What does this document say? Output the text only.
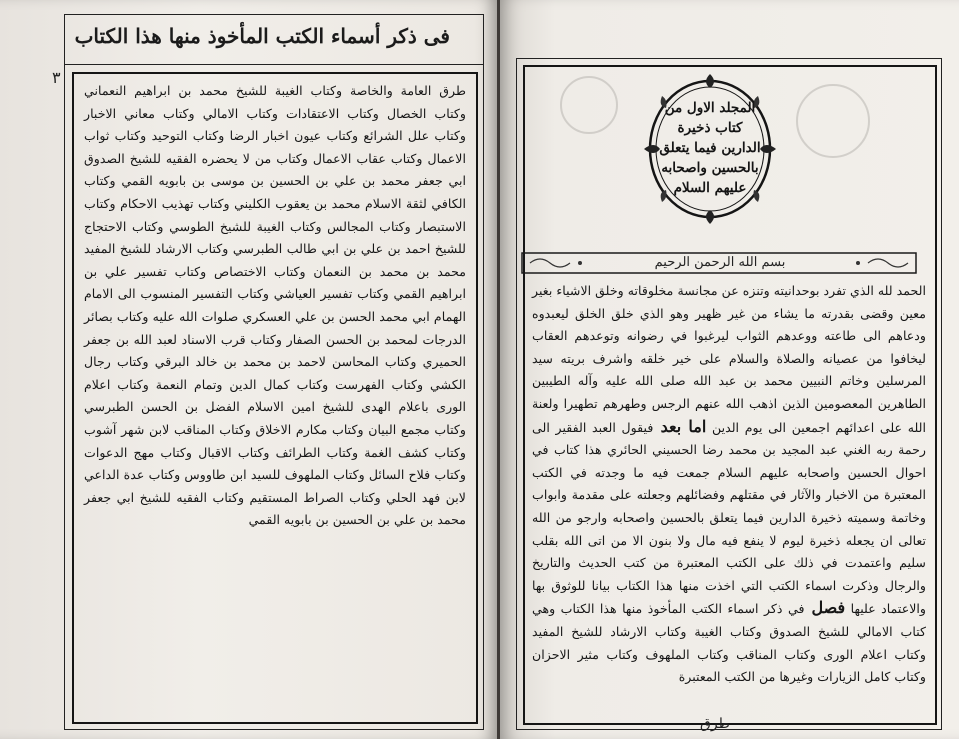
فى ذكر أسماء الكتب المأخوذ منها هذا الكتاب
٣
طرق العامة والخاصة وكتاب الغيبة للشيخ محمد بن ابراهيم النعماني وكتاب الخصال وكتاب الاعتقادات وكتاب الامالي وكتاب معاني الاخبار وكتاب علل الشرائع وكتاب عيون اخبار الرضا وكتاب التوحيد وكتاب ثواب الاعمال وكتاب عقاب الاعمال وكتاب من لا يحضره الفقيه للشيخ الصدوق ابي جعفر محمد بن علي بن الحسين بن موسى بن بابويه القمي وكتاب الكافي لثقة الاسلام محمد بن يعقوب الكليني وكتاب تهذيب الاحكام وكتاب الاستبصار وكتاب المجالس وكتاب الغيبة للشيخ الطوسي وكتاب الاحتجاج للشيخ احمد بن علي بن ابي طالب الطبرسي وكتاب الارشاد للشيخ المفيد محمد بن محمد بن النعمان وكتاب الاختصاص وكتاب تفسير علي بن ابراهيم القمي وكتاب تفسير العياشي وكتاب التفسير المنسوب الى الامام الهمام ابي محمد الحسن بن علي العسكري صلوات الله عليه وكتاب بصائر الدرجات لمحمد بن الحسن الصفار وكتاب قرب الاسناد لعبد الله بن جعفر الحميري وكتاب المحاسن لاحمد بن محمد بن خالد البرقي وكتاب رجال الكشي وكتاب الفهرست وكتاب كمال الدين وتمام النعمة وكتاب اعلام الورى باعلام الهدى للشيخ امين الاسلام الفضل بن الحسن الطبرسي وكتاب مجمع البيان وكتاب مكارم الاخلاق وكتاب المناقب لابن شهر آشوب وكتاب كشف الغمة وكتاب الطرائف وكتاب الاقبال وكتاب مهج الدعوات وكتاب فلاح السائل وكتاب الملهوف للسيد ابن طاووس وكتاب عدة الداعي لابن فهد الحلي وكتاب الصراط المستقيم وكتاب الفقيه للشيخ ابي جعفر محمد بن علي بن الحسين بن بابويه القمي
المجلد الاول من كتاب ذخيرة الدارين فيما يتعلق بالحسين واصحابه عليهم السلام
بسم الله الرحمن الرحيم

الحمد لله الذي تفرد بوحدانيته وتنزه عن مجانسة مخلوقاته وخلق الاشياء بغير معين وقضى بقدرته ما يشاء من غير ظهير وهو الذي خلق الخلق ليعبدوه ودعاهم الى طاعته ووعدهم الثواب ليرغبوا في رضوانه وتوعدهم العقاب ليخافوا من عصيانه والصلاة والسلام على خير خلقه واشرف بريته سيد المرسلين وخاتم النبيين محمد بن عبد الله صلى الله عليه وآله الطيبين الطاهرين المعصومين الذين اذهب الله عنهم الرجس وطهرهم تطهيرا ولعنة الله على اعدائهم اجمعين الى يوم الدين اما بعد فيقول العبد الفقير الى رحمة ربه الغني عبد المجيد بن محمد رضا الحسيني الحائري هذا كتاب في احوال الحسين واصحابه عليهم السلام جمعت فيه ما وجدته في الكتب المعتبرة من الاخبار والآثار في مقتلهم وفضائلهم وجعلته على مقدمة وابواب وخاتمة وسميته ذخيرة الدارين فيما يتعلق بالحسين واصحابه وارجو من الله تعالى ان يجعله ذخيرة ليوم لا ينفع فيه مال ولا بنون الا من اتى الله بقلب سليم واعتمدت في ذلك على الكتب المعتبرة من كتب الحديث والتاريخ والرجال وذكرت اسماء الكتب التي اخذت منها هذا الكتاب بيانا للوثوق بها والاعتماد عليها فصل في ذكر اسماء الكتب المأخوذ منها هذا الكتاب وهي كتاب الامالي للشيخ الصدوق وكتاب الغيبة وكتاب الارشاد للشيخ المفيد وكتاب اعلام الورى وكتاب المناقب وكتاب الملهوف وكتاب مثير الاحزان وكتاب كامل الزيارات وغيرها من الكتب المعتبرة

طرق
